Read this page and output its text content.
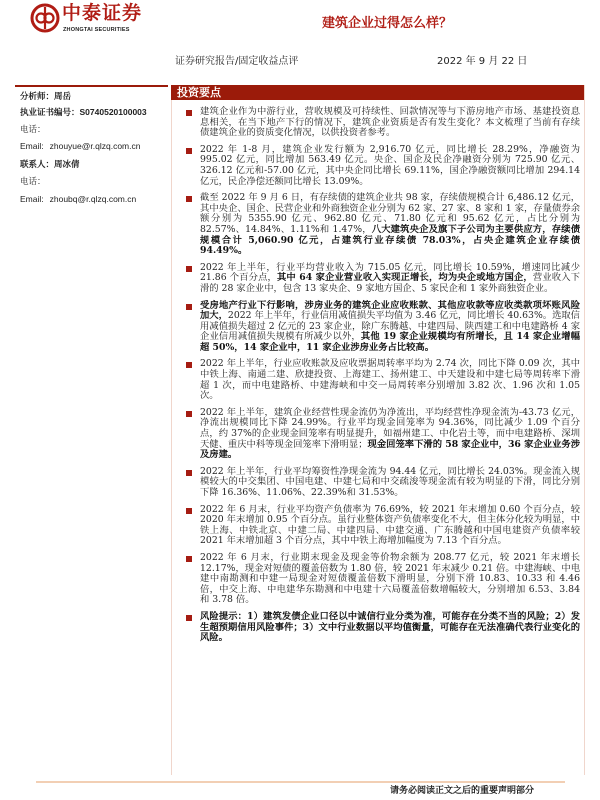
中泰证券
ZHONGTAI SECURITIES	建筑企业过得怎么样？
证券研究报告/固定收益点评	2022 年 9 月 22 日
分析师：周岳
执业证书编号：S0740520100003
电话：
Email: zhouyue@r.qlzq.com.cn
联系人：周冰倩
电话：
Email: zhoubq@r.qlzq.com.cn
投资要点
建筑企业作为中游行业，营收规模及可持续性、回款情况等与下游房地产市场、基建投资息息相关，在当下地产下行的情况下，建筑企业资质是否有发生变化？本文梳理了当前有存续债建筑企业的资质变化情况，以供投资者参考。
2022 年 1-8 月，建筑企业发行额为 2,916.70 亿元，同比增长 28.29%，净融资为 995.02 亿元，同比增加 563.49 亿元。央企、国企及民企净融资分别为 725.90 亿元、326.12 亿元和-57.00 亿元，其中央企同比增长 69.11%，国企净融资额同比增加 294.14 亿元，民企净偿还额同比增长 13.09%。
截至 2022 年 9 月 6 日，有存续债的建筑企业共 98 家，存续债规模合计 6,486.12 亿元，其中央企、国企、民营企业和外商独资企业分别为 62 家、27 家、8 家和 1 家，存量债券余额分别为 5355.90 亿元、962.80 亿元、71.80 亿元和 95.62 亿元，占比分别为 82.57%、14.84%、1.11%和 1.47%，八大建筑央企及旗下子公司为主要供应方，存续债规模合计 5,060.90 亿元，占建筑行业存续债 78.03%，占央企建筑企业存续债 94.49%。
2022 年上半年，行业平均营业收入为 715.05 亿元，同比增长 10.59%，增速同比减少 21.86 个百分点，其中 64 家企业营业收入实现正增长，均为央企或地方国企，营业收入下滑的 28 家企业中，包含 13 家央企、9 家地方国企、5 家民企和 1 家外商独资企业。
受房地产行业下行影响，涉房业务的建筑企业应收账款、其他应收款等应收类款项坏账风险加大，2022 年上半年，行业信用减值损失平均值为 3.46 亿元，同比增长 40.63%。选取信用减值损失超过 2 亿元的 23 家企业，除广东腾越、中建四局、陕西建工和中电建路桥 4 家企业信用减值损失规模有所减少以外，其他 19 家企业规模均有所增长，且 14 家企业增幅超 50%，14 家企业中，11 家企业涉房业务占比较高。
2022 年上半年，行业应收账款及应收票据周转率平均为 2.74 次，同比下降 0.09 次，其中中铁上海、南通二建、欣捷投资、上海建工、扬州建工、中天建设和中建七局等周转率下滑超 1 次，而中电建路桥、中建海峡和中交一局周转率分别增加 3.82 次、1.96 次和 1.05 次。
2022 年上半年，建筑企业经营性现金流仍为净流出，平均经营性净现金流为-43.73 亿元，净流出规模同比下降 24.99%。行业平均现金回笼率为 94.36%，同比减少 1.09 个百分点，约 37%的企业现金回笼率有明显提升，如福州建工、中化岩土等，而中电建路桥、深圳天健、重庆中科等现金回笼率下滑明显；现金回笼率下滑的 58 家企业中，36 家企业业务涉及房建。
2022 年上半年，行业平均筹资性净现金流为 94.44 亿元，同比增长 24.03%。现金流入规模较大的中交集团、中国电建、中建七局和中交疏浚等现金流有较为明显的下滑，同比分别下降 16.36%、11.06%、22.39%和 31.53%。
2022 年 6 月末，行业平均资产负债率为 76.69%，较 2021 年末增加 0.60 个百分点，较 2020 年末增加 0.95 个百分点。虽行业整体资产负债率变化不大，但主体分化较为明显，中铁上海、中铁北京、中建二局、中建四局、中建交通、广东腾越和中国电建资产负债率较 2021 年末增加超 3 个百分点，其中中铁上海增加幅度为 7.13 个百分点。
2022 年 6 月末，行业期末现金及现金等价物余额为 208.77 亿元，较 2021 年末增长 12.17%，现金对短债的覆盖倍数为 1.80 倍，较 2021 年末减少 0.21 倍。中建海峡、中电建中南勘测和中建一局现金对短债覆盖倍数下滑明显，分别下滑 10.83、10.33 和 4.46 倍，中交上海、中电建华东勘测和中电建十六局覆盖倍数增幅较大，分别增加 6.53、3.84 和 3.78 倍。
风险提示：1）建筑发债企业口径以中诚信行业分类为准，可能存在分类不当的风险；2）发生超预期信用风险事件；3）文中行业数据以平均值衡量，可能存在无法准确代表行业变化的风险。
请务必阅读正文之后的重要声明部分
